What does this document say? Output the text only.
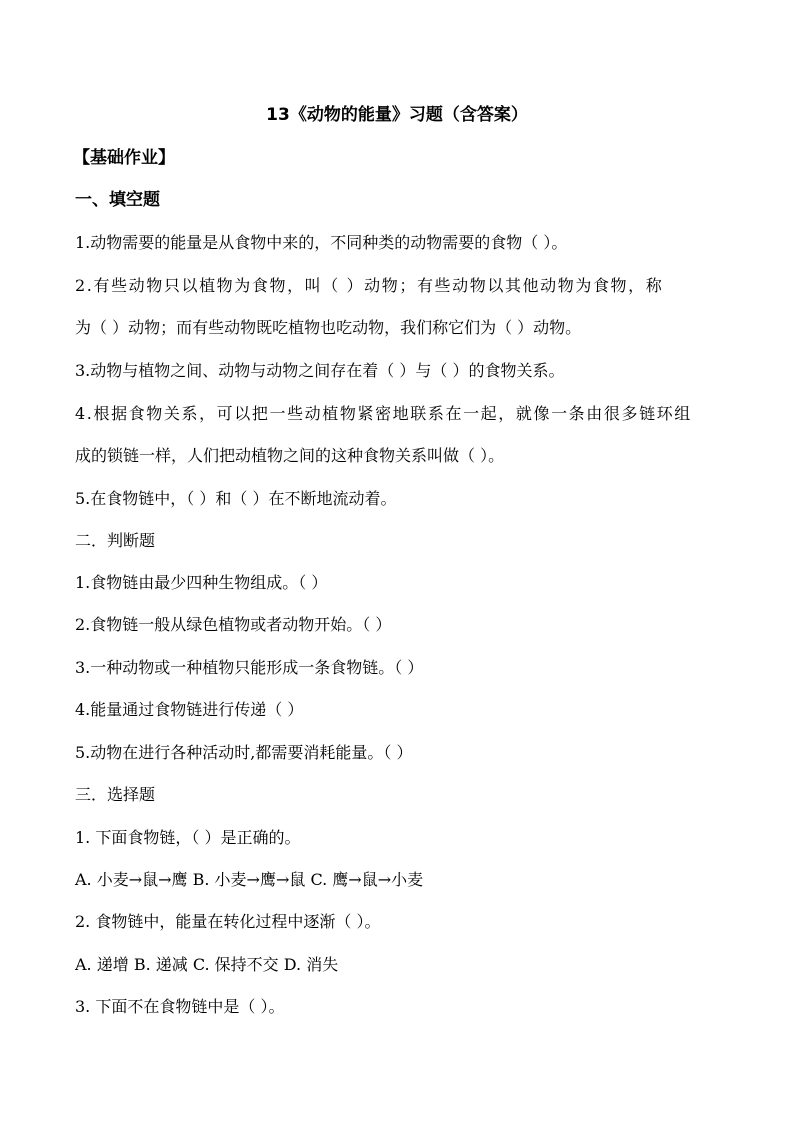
13《动物的能量》习题（含答案）
【基础作业】
一、填空题
1.动物需要的能量是从食物中来的，不同种类的动物需要的食物（ ）。
2.有些动物只以植物为食物，叫（ ）动物；有些动物以其他动物为食物，称
为（ ）动物；而有些动物既吃植物也吃动物，我们称它们为（ ）动物。
3.动物与植物之间、动物与动物之间存在着（ ）与（ ）的食物关系。
4.根据食物关系，可以把一些动植物紧密地联系在一起，就像一条由很多链环组
成的锁链一样，人们把动植物之间的这种食物关系叫做（ ）。
5.在食物链中，（ ）和（ ）在不断地流动着。
二．判断题
1.食物链由最少四种生物组成。（ ）
2.食物链一般从绿色植物或者动物开始。（ ）
3.一种动物或一种植物只能形成一条食物链。（ ）
4.能量通过食物链进行传递（ ）
5.动物在进行各种活动时,都需要消耗能量。（ ）
三．选择题
1. 下面食物链，（ ）是正确的。
A. 小麦→鼠→鹰 B. 小麦→鹰→鼠 C. 鹰→鼠→小麦
2. 食物链中，能量在转化过程中逐渐（ ）。
A. 递增 B. 递减 C. 保持不交 D. 消失
3. 下面不在食物链中是（ ）。
